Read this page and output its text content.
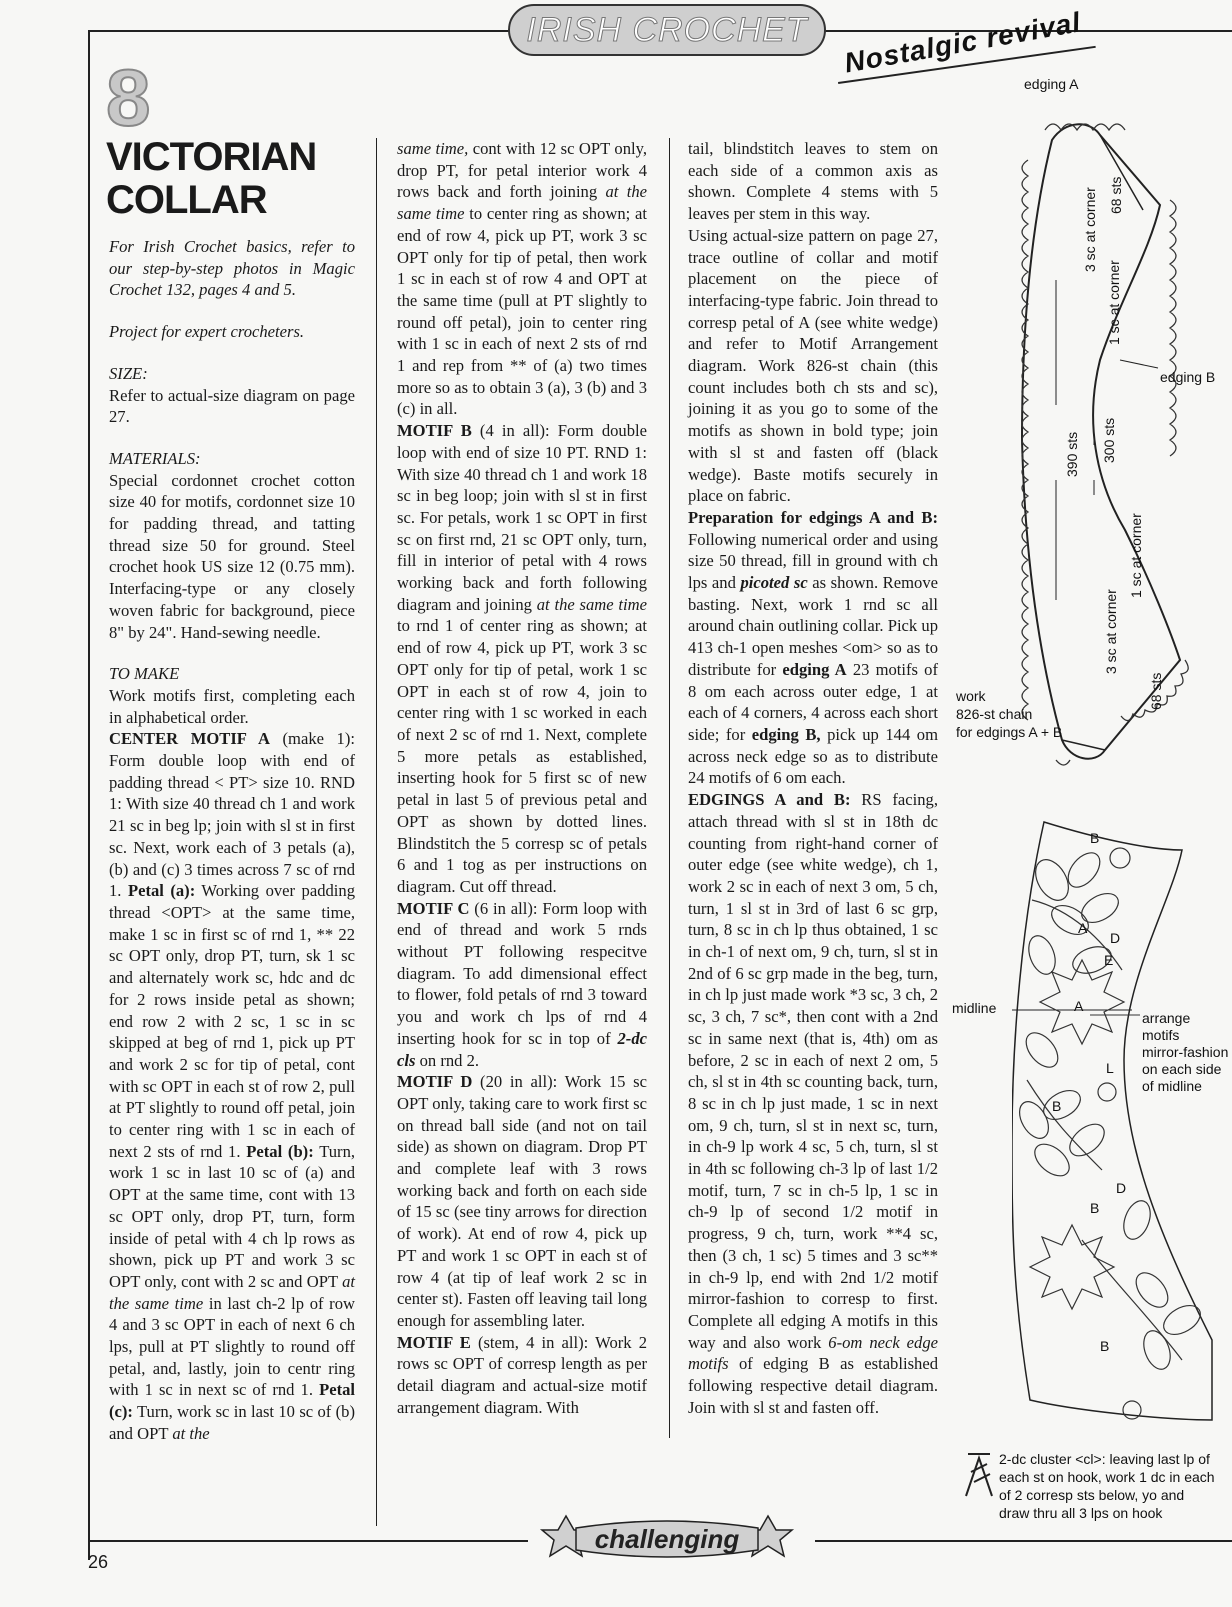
IRISH CROCHET Nostalgic revival
8
VICTORIAN
COLLAR

For Irish Crochet basics, refer to our step-by-step photos in Magic Crochet 132, pages 4 and 5.

Project for expert crocheters.

SIZE:

Refer to actual-size diagram on page 27.

MATERIALS:

Special cordonnet crochet cotton size 40 for motifs, cordonnet size 10 for padding thread, and tatting thread size 50 for ground. Steel crochet hook US size 12 (0.75 mm). Interfacing-type or any closely woven fabric for background, piece 8" by 24". Hand-sewing needle.

TO MAKE

Work motifs first, completing each in alphabetical order.

CENTER MOTIF A (make 1): Form double loop with end of padding thread < PT> size 10. RND 1: With size 40 thread ch 1 and work 21 sc in beg lp; join with sl st in first sc. Next, work each of 3 petals (a), (b) and (c) 3 times across 7 sc of rnd 1. Petal (a): Working over padding thread <OPT> at the same time, make 1 sc in first sc of rnd 1, ** 22 sc OPT only, drop PT, turn, sk 1 sc and alternately work sc, hdc and dc for 2 rows inside petal as shown; end row 2 with 2 sc, 1 sc in sc skipped at beg of rnd 1, pick up PT and work 2 sc for tip of petal, cont with sc OPT in each st of row 2, pull at PT slightly to round off petal, join to center ring with 1 sc in each of next 2 sts of rnd 1. Petal (b): Turn, work 1 sc in last 10 sc of (a) and OPT at the same time, cont with 13 sc OPT only, drop PT, turn, form inside of petal with 4 ch lp rows as shown, pick up PT and work 3 sc OPT only, cont with 2 sc and OPT at the same time in last ch-2 lp of row 4 and 3 sc OPT in each of next 6 ch lps, pull at PT slightly to round off petal, and, lastly, join to centr ring with 1 sc in next sc of rnd 1. Petal (c): Turn, work sc in last 10 sc of (b) and OPT at the

same time, cont with 12 sc OPT only, drop PT, for petal interior work 4 rows back and forth joining at the same time to center ring as shown; at end of row 4, pick up PT, work 3 sc OPT only for tip of petal, then work 1 sc in each st of row 4 and OPT at the same time (pull at PT slightly to round off petal), join to center ring with 1 sc in each of next 2 sts of rnd 1 and rep from ** of (a) two times more so as to obtain 3 (a), 3 (b) and 3 (c) in all.

MOTIF B (4 in all): Form double loop with end of size 10 PT. RND 1: With size 40 thread ch 1 and work 18 sc in beg loop; join with sl st in first sc. For petals, work 1 sc OPT in first sc on first rnd, 21 sc OPT only, turn, fill in interior of petal with 4 rows working back and forth following diagram and joining at the same time to rnd 1 of center ring as shown; at end of row 4, pick up PT, work 3 sc OPT only for tip of petal, work 1 sc OPT in each st of row 4, join to center ring with 1 sc worked in each of next 2 sc of rnd 1. Next, complete 5 more petals as established, inserting hook for 5 first sc of new petal in last 5 of previous petal and OPT as shown by dotted lines. Blindstitch the 5 corresp sc of petals 6 and 1 tog as per instructions on diagram. Cut off thread.

MOTIF C (6 in all): Form loop with end of thread and work 5 rnds without PT following respecitve diagram. To add dimensional effect to flower, fold petals of rnd 3 toward you and work ch lps of rnd 4 inserting hook for sc in top of 2-dc cls on rnd 2.

MOTIF D (20 in all): Work 15 sc OPT only, taking care to work first sc on thread ball side (and not on tail side) as shown on diagram. Drop PT and complete leaf with 3 rows working back and forth on each side of 15 sc (see tiny arrows for direction of work). At end of row 4, pick up PT and work 1 sc OPT in each st of row 4 (at tip of leaf work 2 sc in center st). Fasten off leaving tail long enough for assembling later.

MOTIF E (stem, 4 in all): Work 2 rows sc OPT of corresp length as per detail diagram and actual-size motif arrangement diagram. With

tail, blindstitch leaves to stem on each side of a common axis as shown. Complete 4 stems with 5 leaves per stem in this way.

Using actual-size pattern on page 27, trace outline of collar and motif placement on the piece of interfacing-type fabric. Join thread to corresp petal of A (see white wedge) and refer to Motif Arrangement diagram. Work 826-st chain (this count includes both ch sts and sc), joining it as you go to some of the motifs as shown in bold type; join with sl st and fasten off (black wedge). Baste motifs securely in place on fabric.

Preparation for edgings A and B: Following numerical order and using size 50 thread, fill in ground with ch lps and picoted sc as shown. Remove basting. Next, work 1 rnd sc all around chain outlining collar. Pick up 413 ch-1 open meshes <om> so as to distribute for edging A 23 motifs of 8 om each across outer edge, 1 at each of 4 corners, 4 across each short side; for edging B, pick up 144 om across neck edge so as to distribute 24 motifs of 6 om each.

EDGINGS A and B: RS facing, attach thread with sl st in 18th dc counting from right-hand corner of outer edge (see white wedge), ch 1, work 2 sc in each of next 3 om, 5 ch, turn, 1 sl st in 3rd of last 6 sc grp, turn, 8 sc in ch lp thus obtained, 1 sc in ch-1 of next om, 9 ch, turn, sl st in 2nd of 6 sc grp made in the beg, turn, in ch lp just made work *3 sc, 3 ch, 2 sc, 3 ch, 7 sc*, then cont with a 2nd sc in same next (that is, 4th) om as before, 2 sc in each of next 2 om, 5 ch, sl st in 4th sc counting back, turn, 8 sc in ch lp just made, 1 sc in next om, 9 ch, turn, sl st in next sc, turn, in ch-9 lp work 4 sc, 5 ch, turn, sl st in 4th sc following ch-3 lp of last 1/2 motif, turn, 7 sc in ch-5 lp, 1 sc in ch-9 lp of second 1/2 motif in progress, 9 ch, turn, work **4 sc, then (3 ch, 1 sc) 5 times and 3 sc** in ch-9 lp, end with 2nd 1/2 motif mirror-fashion to corresp to first. Complete all edging A motifs in this way and also work 6-om neck edge motifs of edging B as established following respective detail diagram. Join with sl st and fasten off.

edging A
edging B
work
826-st chain
for edgings A + B
3 sc at corner 68 sts
1 sc at corner
390 sts 300 sts
1 sc at corner
3 sc at corner
68 sts
B
A
E
D
A
B
L
B
D
B
midline
arrange
motifs
mirror-fashion
on each side
of midline
2-dc cluster <cl>: leaving last lp of
each st on hook, work 1 dc in each
of 2 corresp sts below, yo and
draw thru all 3 lps on hook
challenging
26
